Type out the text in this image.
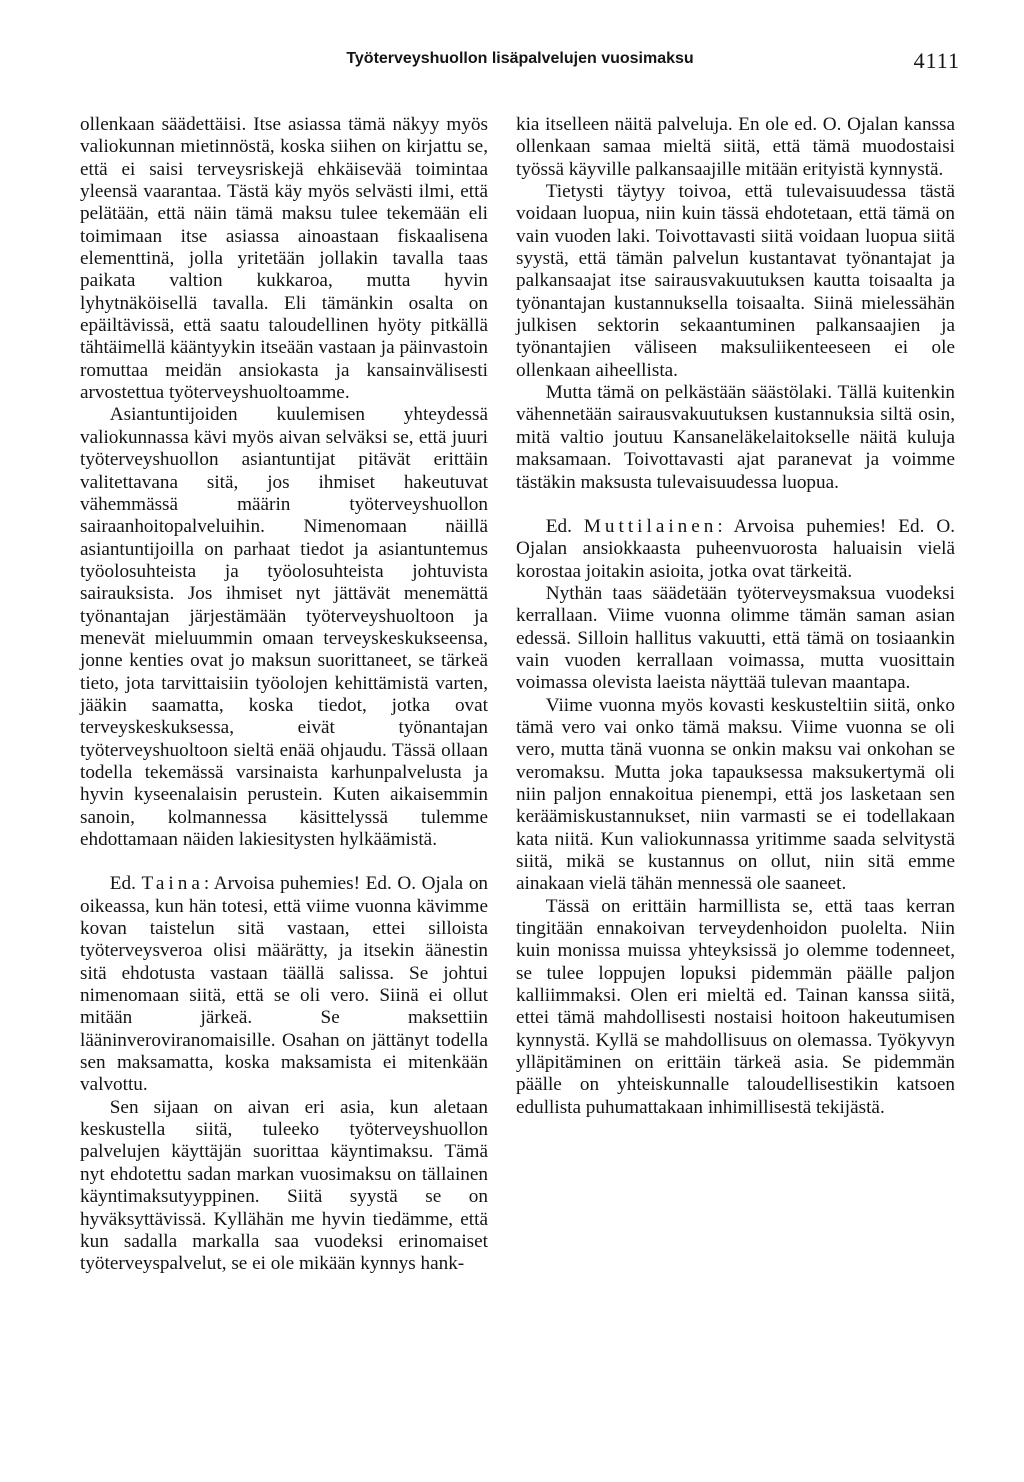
Työterveyshuollon lisäpalvelujen vuosimaksu	4111

ollenkaan säädettäisi. Itse asiassa tämä näkyy myös valiokunnan mietinnöstä, koska siihen on kirjattu se, että ei saisi terveysriskejä ehkäisevää toimintaa yleensä vaarantaa. Tästä käy myös selvästi ilmi, että pelätään, että näin tämä maksu tulee tekemään eli toimimaan itse asiassa ainoastaan fiskaalisena elementtinä, jolla yritetään jollakin tavalla taas paikata valtion kukkaroa, mutta hyvin lyhytnäköisellä tavalla. Eli tämänkin osalta on epäiltävissä, että saatu taloudellinen hyöty pitkällä tähtäimellä kääntyykin itseään vastaan ja päinvastoin romuttaa meidän ansiokasta ja kansainvälisesti arvostettua työterveyshuoltoamme.

Asiantuntijoiden kuulemisen yhteydessä valiokunnassa kävi myös aivan selväksi se, että juuri työterveyshuollon asiantuntijat pitävät erittäin valitettavana sitä, jos ihmiset hakeutuvat vähemmässä määrin työterveyshuollon sairaanhoitopalveluihin. Nimenomaan näillä asiantuntijoilla on parhaat tiedot ja asiantuntemus työolosuhteista ja työolosuhteista johtuvista sairauksista. Jos ihmiset nyt jättävät menemättä työnantajan järjestämään työterveyshuoltoon ja menevät mieluummin omaan terveyskeskukseensa, jonne kenties ovat jo maksun suorittaneet, se tärkeä tieto, jota tarvittaisiin työolojen kehittämistä varten, jääkin saamatta, koska tiedot, jotka ovat terveyskeskuksessa, eivät työnantajan työterveyshuoltoon sieltä enää ohjaudu. Tässä ollaan todella tekemässä varsinaista karhunpalvelusta ja hyvin kyseenalaisin perustein. Kuten aikaisemmin sanoin, kolmannessa käsittelyssä tulemme ehdottamaan näiden lakiesitysten hylkäämistä.

Ed. Taina: Arvoisa puhemies! Ed. O. Ojala on oikeassa, kun hän totesi, että viime vuonna kävimme kovan taistelun sitä vastaan, ettei silloista työterveysveroa olisi määrätty, ja itsekin äänestin sitä ehdotusta vastaan täällä salissa. Se johtui nimenomaan siitä, että se oli vero. Siinä ei ollut mitään järkeä. Se maksettiin lääninveroviranomaisille. Osahan on jättänyt todella sen maksamatta, koska maksamista ei mitenkään valvottu.

Sen sijaan on aivan eri asia, kun aletaan keskustella siitä, tuleeko työterveyshuollon palvelujen käyttäjän suorittaa käyntimaksu. Tämä nyt ehdotettu sadan markan vuosimaksu on tällainen käyntimaksutyyppinen. Siitä syystä se on hyväksyttävissä. Kyllähän me hyvin tiedämme, että kun sadalla markalla saa vuodeksi erinomaiset työterveyspalvelut, se ei ole mikään kynnys hank-

kia itselleen näitä palveluja. En ole ed. O. Ojalan kanssa ollenkaan samaa mieltä siitä, että tämä muodostaisi työssä käyville palkansaajille mitään erityistä kynnystä.

Tietysti täytyy toivoa, että tulevaisuudessa tästä voidaan luopua, niin kuin tässä ehdotetaan, että tämä on vain vuoden laki. Toivottavasti siitä voidaan luopua siitä syystä, että tämän palvelun kustantavat työnantajat ja palkansaajat itse sairausvakuutuksen kautta toisaalta ja työnantajan kustannuksella toisaalta. Siinä mielessähän julkisen sektorin sekaantuminen palkansaajien ja työnantajien väliseen maksuliikenteeseen ei ole ollenkaan aiheellista.

Mutta tämä on pelkästään säästölaki. Tällä kuitenkin vähennetään sairausvakuutuksen kustannuksia siltä osin, mitä valtio joutuu Kansaneläkelaitokselle näitä kuluja maksamaan. Toivottavasti ajat paranevat ja voimme tästäkin maksusta tulevaisuudessa luopua.

Ed. Muttilainen: Arvoisa puhemies! Ed. O. Ojalan ansiokkaasta puheenvuorosta haluaisin vielä korostaa joitakin asioita, jotka ovat tärkeitä.

Nythän taas säädetään työterveysmaksua vuodeksi kerrallaan. Viime vuonna olimme tämän saman asian edessä. Silloin hallitus vakuutti, että tämä on tosiaankin vain vuoden kerrallaan voimassa, mutta vuosittain voimassa olevista laeista näyttää tulevan maantapa.

Viime vuonna myös kovasti keskusteltiin siitä, onko tämä vero vai onko tämä maksu. Viime vuonna se oli vero, mutta tänä vuonna se onkin maksu vai onkohan se veromaksu. Mutta joka tapauksessa maksukertymä oli niin paljon ennakoitua pienempi, että jos lasketaan sen keräämiskustannukset, niin varmasti se ei todellakaan kata niitä. Kun valiokunnassa yritimme saada selvitystä siitä, mikä se kustannus on ollut, niin sitä emme ainakaan vielä tähän mennessä ole saaneet.

Tässä on erittäin harmillista se, että taas kerran tingitään ennakoivan terveydenhoidon puolelta. Niin kuin monissa muissa yhteyksissä jo olemme todenneet, se tulee loppujen lopuksi pidemmän päälle paljon kalliimmaksi. Olen eri mieltä ed. Tainan kanssa siitä, ettei tämä mahdollisesti nostaisi hoitoon hakeutumisen kynnystä. Kyllä se mahdollisuus on olemassa. Työkyvyn ylläpitäminen on erittäin tärkeä asia. Se pidemmän päälle on yhteiskunnalle taloudellisestikin katsoen edullista puhumattakaan inhimillisestä tekijästä.
